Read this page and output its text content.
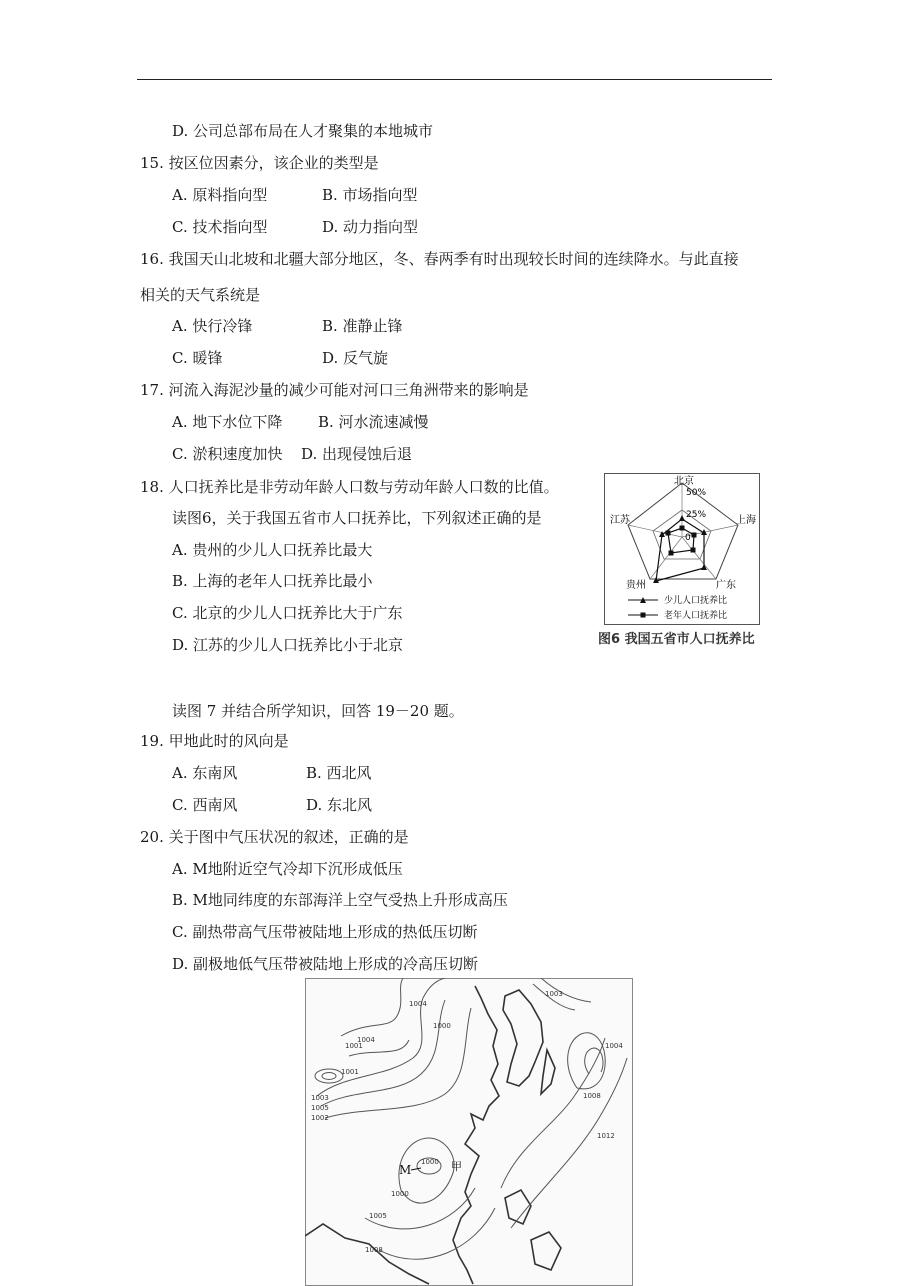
D. 公司总部布局在人才聚集的本地城市
15. 按区位因素分，该企业的类型是
A. 原料指向型	B. 市场指向型
C. 技术指向型	D. 动力指向型
16. 我国天山北坡和北疆大部分地区，冬、春两季有时出现较长时间的连续降水。与此直接
相关的天气系统是
A. 快行冷锋	B. 准静止锋
C. 暖锋	D. 反气旋
17. 河流入海泥沙量的减少可能对河口三角洲带来的影响是
A. 地下水位下降 B. 河水流速减慢
C. 淤积速度加快 D. 出现侵蚀后退
18. 人口抚养比是非劳动年龄人口数与劳动年龄人口数的比值。
读图6，关于我国五省市人口抚养比，下列叙述正确的是
A. 贵州的少儿人口抚养比最大
B. 上海的老年人口抚养比最小
C. 北京的少儿人口抚养比大于广东
D. 江苏的少儿人口抚养比小于北京
北京
上海
广东
贵州
江苏
50%
25%
0
少儿人口抚养比
老年人口抚养比
图6 我国五省市人口抚养比
读图 7 并结合所学知识，回答 19－20 题。
19. 甲地此时的风向是
A. 东南风	B. 西北风
C. 西南风	D. 东北风
20. 关于图中气压状况的叙述，正确的是
A. M地附近空气冷却下沉形成低压
B. M地同纬度的东部海洋上空气受热上升形成高压
C. 副热带高气压带被陆地上形成的热低压切断
D. 副极地低气压带被陆地上形成的冷高压切断
1004
1001
1001
1003
1005
1002
1000
1000
1005
1008
1008
1012
1004
1000
1003
1004
M	甲
